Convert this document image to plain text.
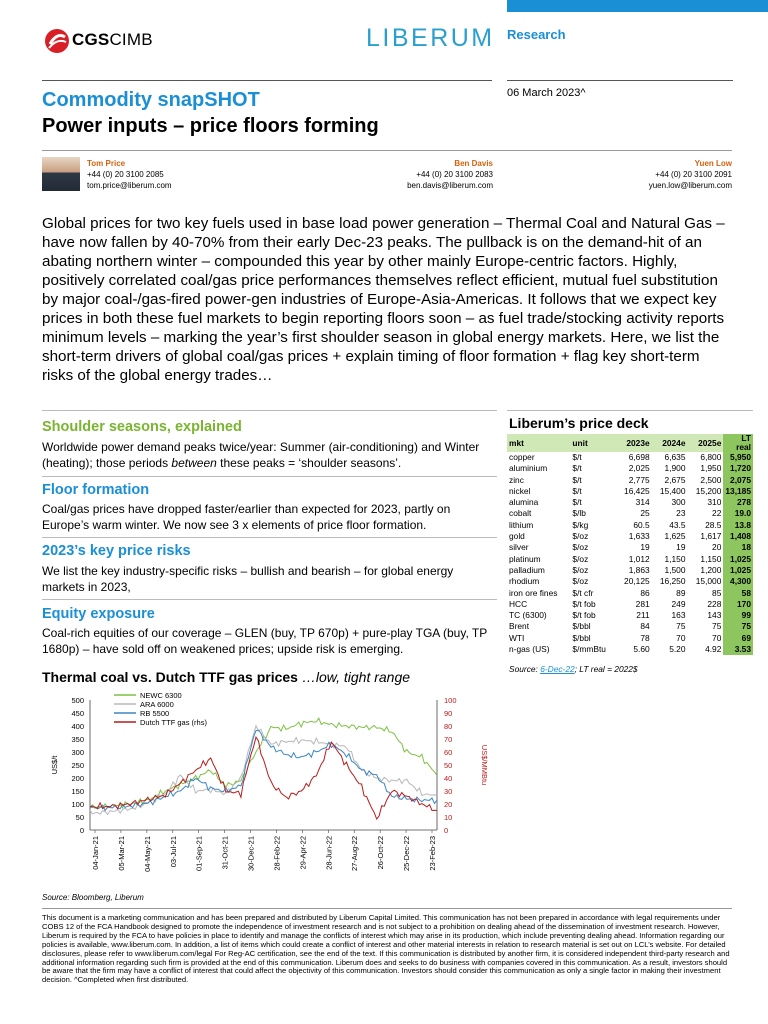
CGSCIMB	LIBERUM Research
06 March 2023^
Commodity snapSHOT
Power inputs – price floors forming
Tom Price
+44 (0) 20 3100 2085
tom.price@liberum.com
Ben Davis
+44 (0) 20 3100 2083
ben.davis@liberum.com
Yuen Low
+44 (0) 20 3100 2091
yuen.low@liberum.com
Global prices for two key fuels used in base load power generation – Thermal Coal and Natural Gas – have now fallen by 40-70% from their early Dec-23 peaks. The pullback is on the demand-hit of an abating northern winter – compounded this year by other mainly Europe-centric factors. Highly, positively correlated coal/gas price performances themselves reflect efficient, mutual fuel substitution by major coal-/gas-fired power-gen industries of Europe-Asia-Americas. It follows that we expect key prices in both these fuel markets to begin reporting floors soon – as fuel trade/stocking activity reports minimum levels – marking the year’s first shoulder season in global energy markets. Here, we list the short-term drivers of global coal/gas prices + explain timing of floor formation + flag key short-term risks of the global energy trades…
Shoulder seasons, explained
Worldwide power demand peaks twice/year: Summer (air-conditioning) and Winter (heating); those periods between these peaks = ‘shoulder seasons’.
Floor formation
Coal/gas prices have dropped faster/earlier than expected for 2023, partly on Europe’s warm winter. We now see 3 x elements of price floor formation.
2023’s key price risks
We list the key industry-specific risks – bullish and bearish – for global energy markets in 2023,
Equity exposure
Coal-rich equities of our coverage – GLEN (buy, TP 670p) + pure-play TGA (buy, TP 1680p) – have sold off on weakened prices; upside risk is emerging.
Liberum’s price deck
mkt	unit	2023e	2024e	2025e	LT real
copper	$/t	6,698	6,635	6,800	5,950
aluminium	$/t	2,025	1,900	1,950	1,720
zinc	$/t	2,775	2,675	2,500	2,075
nickel	$/t	16,425	15,400	15,200	13,185
alumina	$/t	314	300	310	278
cobalt	$/lb	25	23	22	19.0
lithium	$/kg	60.5	43.5	28.5	13.8
gold	$/oz	1,633	1,625	1,617	1,408
silver	$/oz	19	19	20	18
platinum	$/oz	1,012	1,150	1,150	1,025
palladium	$/oz	1,863	1,500	1,200	1,025
rhodium	$/oz	20,125	16,250	15,000	4,300
iron ore fines	$/t cfr	86	89	85	58
HCC	$/t fob	281	249	228	170
TC (6300)	$/t fob	211	163	143	99
Brent	$/bbl	84	75	75	75
WTI	$/bbl	78	70	70	69
n-gas (US)	$/mmBtu	5.60	5.20	4.92	3.53
Source: 6-Dec-22; LT real = 2022$
Thermal coal vs. Dutch TTF gas prices …low, tight range
0
50
100
150
200
250
300
350
400
450
500
0
10
20
30
40
50
60
70
80
90
100
US$/t	US$/MMBtu
04-Jan-21 05-Mar-21 04-May-21 03-Jul-21 01-Sep-21 31-Oct-21 30-Dec-21 28-Feb-22 29-Apr-22 28-Jun-22 27-Aug-22 26-Oct-22 25-Dec-22 23-Feb-23
NEWC 6300
ARA 6000
RB 5500
Dutch TTF gas (rhs)
Source: Bloomberg, Liberum
This document is a marketing communication and has been prepared and distributed by Liberum Capital Limited. This communication has not been prepared in accordance with legal requirements under COBS 12 of the FCA Handbook designed to promote the independence of investment research and is not subject to a prohibition on dealing ahead of the dissemination of investment research. However, Liberum is required by the FCA to have policies in place to identify and manage the conflicts of interest which may arise in its production, which include preventing dealing ahead. Information regarding our policies is available, www.liberum.com. In addition, a list of items which could create a conflict of interest and other material interests in relation to research material is set out on LCL’s website. For detailed disclosures, please refer to www.liberum.com/legal For Reg-AC certification, see the end of the text. If this communication is distributed by another firm, it is considered independent third-party research and additional information regarding such firm is provided at the end of this communication. Liberum does and seeks to do business with companies covered in this communication. As a result, investors should be aware that the firm may have a conflict of interest that could affect the objectivity of this communication. Investors should consider this communication as only a single factor in making their investment decision. ^Completed when first distributed.
